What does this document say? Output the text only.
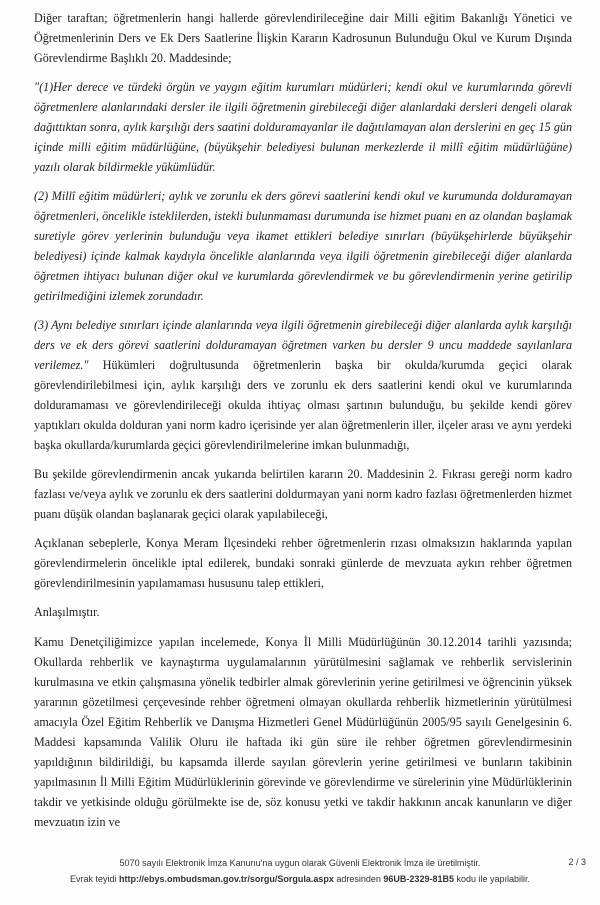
Diğer taraftan; öğretmenlerin hangi hallerde görevlendirileceğine dair Milli eğitim Bakanlığı Yönetici ve Öğretmenlerinin Ders ve Ek Ders Saatlerine İlişkin Kararın Kadrosunun Bulunduğu Okul ve Kurum Dışında Görevlendirme Başlıklı 20. Maddesinde;

"(1)Her derece ve türdeki örgün ve yaygın eğitim kurumları müdürleri; kendi okul ve kurumlarında görevli öğretmenlere alanlarındaki dersler ile ilgili öğretmenin girebileceği diğer alanlardaki dersleri dengeli olarak dağıttıktan sonra, aylık karşılığı ders saatini dolduramayanlar ile dağıtılamayan alan derslerini en geç 15 gün içinde milli eğitim müdürlüğüne, (büyükşehir belediyesi bulunan merkezlerde il millî eğitim müdürlüğüne) yazılı olarak bildirmekle yükümlüdür.

(2) Millî eğitim müdürleri; aylık ve zorunlu ek ders görevi saatlerini kendi okul ve kurumunda dolduramayan öğretmenleri, öncelikle isteklilerden, istekli bulunmaması durumunda ise hizmet puanı en az olandan başlamak suretiyle görev yerlerinin bulunduğu veya ikamet ettikleri belediye sınırları (büyükşehirlerde büyükşehir belediyesi) içinde kalmak kaydıyla öncelikle alanlarında veya ilgili öğretmenin girebileceği diğer alanlarda öğretmen ihtiyacı bulunan diğer okul ve kurumlarda görevlendirmek ve bu görevlendirmenin yerine getirilip getirilmediğini izlemek zorundadır.

(3) Aynı belediye sınırları içinde alanlarında veya ilgili öğretmenin girebileceği diğer alanlarda aylık karşılığı ders ve ek ders görevi saatlerini dolduramayan öğretmen varken bu dersler 9 uncu maddede sayılanlara verilemez." Hükümleri doğrultusunda öğretmenlerin başka bir okulda/kurumda geçici olarak görevlendirilebilmesi için, aylık karşılığı ders ve zorunlu ek ders saatlerini kendi okul ve kurumlarında dolduramaması ve görevlendirileceği okulda ihtiyaç olması şartının bulunduğu, bu şekilde kendi görev yaptıkları okulda dolduran yani norm kadro içerisinde yer alan öğretmenlerin iller, ilçeler arası ve aynı yerdeki başka okullarda/kurumlarda geçici görevlendirilmelerine imkan bulunmadığı,

Bu şekilde görevlendirmenin ancak yukarıda belirtilen kararın 20. Maddesinin 2. Fıkrası gereği norm kadro fazlası ve/veya aylık ve zorunlu ek ders saatlerini doldurmayan yani norm kadro fazlası öğretmenlerden hizmet puanı düşük olandan başlanarak geçici olarak yapılabileceği,

Açıklanan sebeplerle, Konya Meram İlçesindeki rehber öğretmenlerin rızası olmaksızın haklarında yapılan görevlendirmelerin öncelikle iptal edilerek, bundaki sonraki günlerde de mevzuata aykırı rehber öğretmen görevlendirilmesinin yapılamaması hususunu talep ettikleri,

Anlaşılmıştır.

Kamu Denetçiliğimizce yapılan incelemede, Konya İl Milli Müdürlüğünün 30.12.2014 tarihli yazısında; Okullarda rehberlik ve kaynaştırma uygulamalarının yürütülmesini sağlamak ve rehberlik servislerinin kurulmasına ve etkin çalışmasına yönelik tedbirler almak görevlerinin yerine getirilmesi ve öğrencinin yüksek yararının gözetilmesi çerçevesinde rehber öğretmeni olmayan okullarda rehberlik hizmetlerinin yürütülmesi amacıyla Özel Eğitim Rehberlik ve Danışma Hizmetleri Genel Müdürlüğünün 2005/95 sayılı Genelgesinin 6. Maddesi kapsamında Valilik Oluru ile haftada iki gün süre ile rehber öğretmen görevlendirmesinin yapıldığının bildirildiği, bu kapsamda illerde sayılan görevlerin yerine getirilmesi ve bunların takibinin yapılmasının İl Milli Eğitim Müdürlüklerinin görevinde ve görevlendirme ve sürelerinin yine Müdürlüklerinin takdir ve yetkisinde olduğu görülmekte ise de, söz konusu yetki ve takdir hakkının ancak kanunların ve diğer mevzuatın izin ve

5070 sayılı Elektronik İmza Kanunu'na uygun olarak Güvenli Elektronik İmza ile üretilmiştir.
Evrak teyidi http://ebys.ombudsman.gov.tr/sorgu/Sorgula.aspx adresinden 96UB-2329-81B5 kodu ile yapılabilir.
2 / 3
